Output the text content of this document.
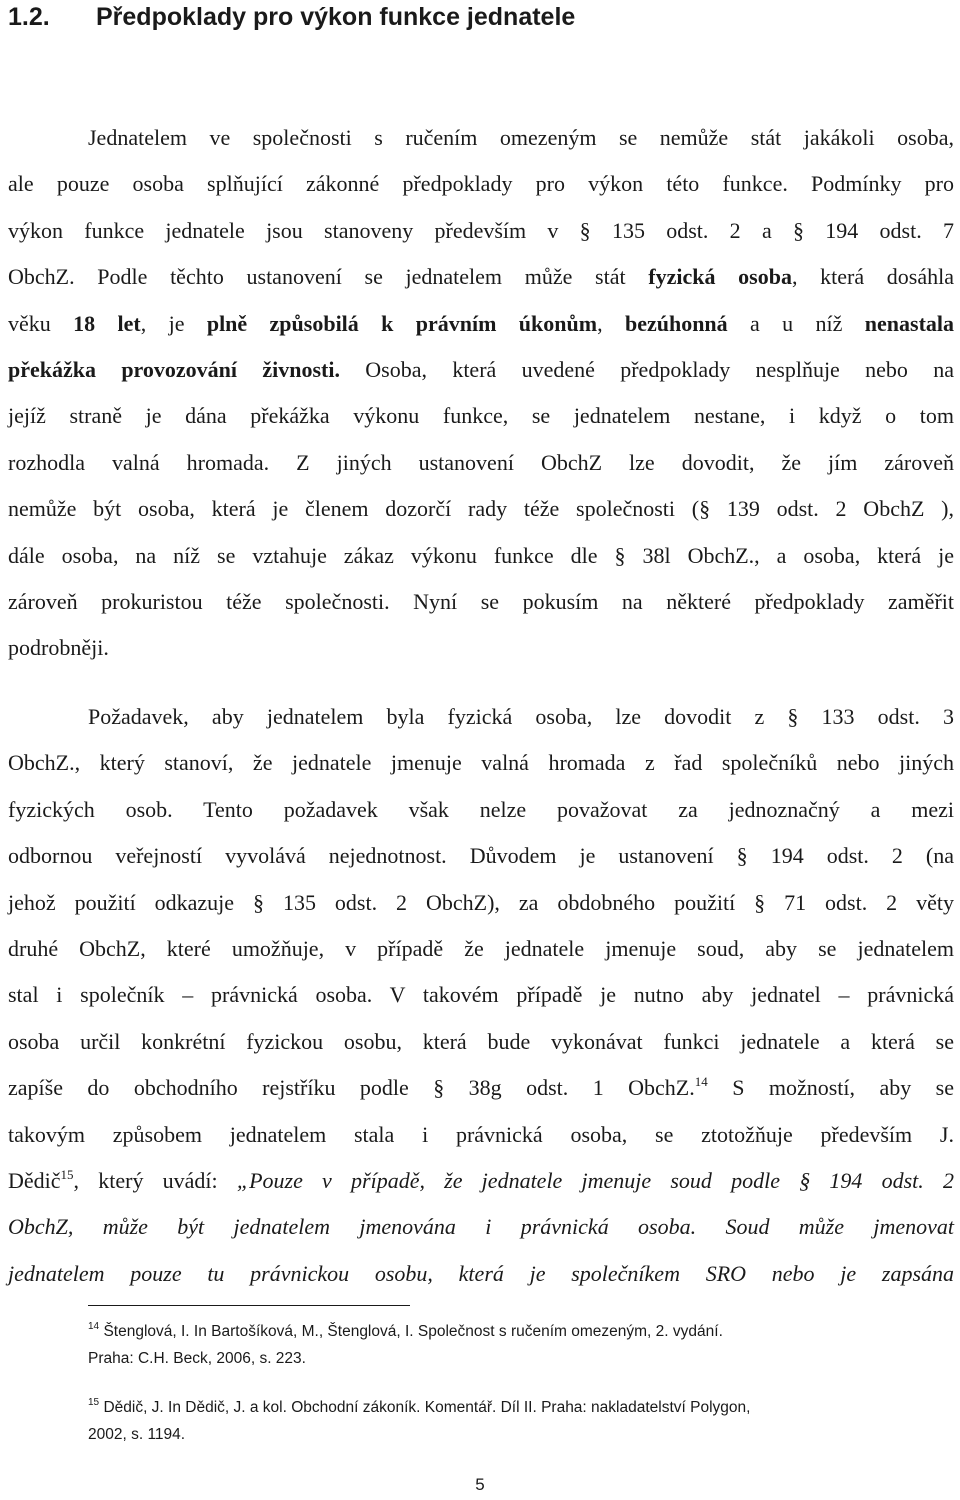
1.2. Předpoklady pro výkon funkce jednatele
Jednatelem ve společnosti s ručením omezeným se nemůže stát jakákoli osoba,
ale pouze osoba splňující zákonné předpoklady pro výkon této funkce. Podmínky pro
výkon funkce jednatele jsou stanoveny především v § 135 odst. 2 a § 194 odst. 7
ObchZ. Podle těchto ustanovení se jednatelem může stát fyzická osoba, která dosáhla
věku 18 let, je plně způsobilá k právním úkonům, bezúhonná a u níž nenastala
překážka provozování živnosti. Osoba, která uvedené předpoklady nesplňuje nebo na
jejíž straně je dána překážka výkonu funkce, se jednatelem nestane, i když o tom
rozhodla valná hromada. Z jiných ustanovení ObchZ lze dovodit, že jím zároveň
nemůže být osoba, která je členem dozorčí rady téže společnosti (§ 139 odst. 2 ObchZ ),
dále osoba, na níž se vztahuje zákaz výkonu funkce dle § 38l ObchZ., a osoba, která je
zároveň prokuristou téže společnosti. Nyní se pokusím na některé předpoklady zaměřit
podrobněji.
Požadavek, aby jednatelem byla fyzická osoba, lze dovodit z § 133 odst. 3
ObchZ., který stanoví, že jednatele jmenuje valná hromada z řad společníků nebo jiných
fyzických osob. Tento požadavek však nelze považovat za jednoznačný a mezi
odbornou veřejností vyvolává nejednotnost. Důvodem je ustanovení § 194 odst. 2 (na
jehož použití odkazuje § 135 odst. 2 ObchZ), za obdobného použití § 71 odst. 2 věty
druhé ObchZ, které umožňuje, v případě že jednatele jmenuje soud, aby se jednatelem
stal i společník – právnická osoba. V takovém případě je nutno aby jednatel – právnická
osoba určil konkrétní fyzickou osobu, která bude vykonávat funkci jednatele a která se
zapíše do obchodního rejstříku podle § 38g odst. 1 ObchZ.$^{14}$ S možností, aby se
takovým způsobem jednatelem stala i právnická osoba, se ztotožňuje především J.
Dědič$^{15}$, který uvádí: „Pouze v případě, že jednatele jmenuje soud podle § 194 odst. 2
ObchZ, může být jednatelem jmenována i právnická osoba. Soud může jmenovat
jednatelem pouze tu právnickou osobu, která je společníkem SRO nebo je zapsána
$^{14}$ Štenglová, I. In Bartošíková, M., Štenglová, I. Společnost s ručením omezeným, 2. vydání.
Praha: C.H. Beck, 2006, s. 223.
$^{15}$ Dědič, J. In Dědič, J. a kol. Obchodní zákoník. Komentář. Díl II. Praha: nakladatelství Polygon,
2002, s. 1194.
5
